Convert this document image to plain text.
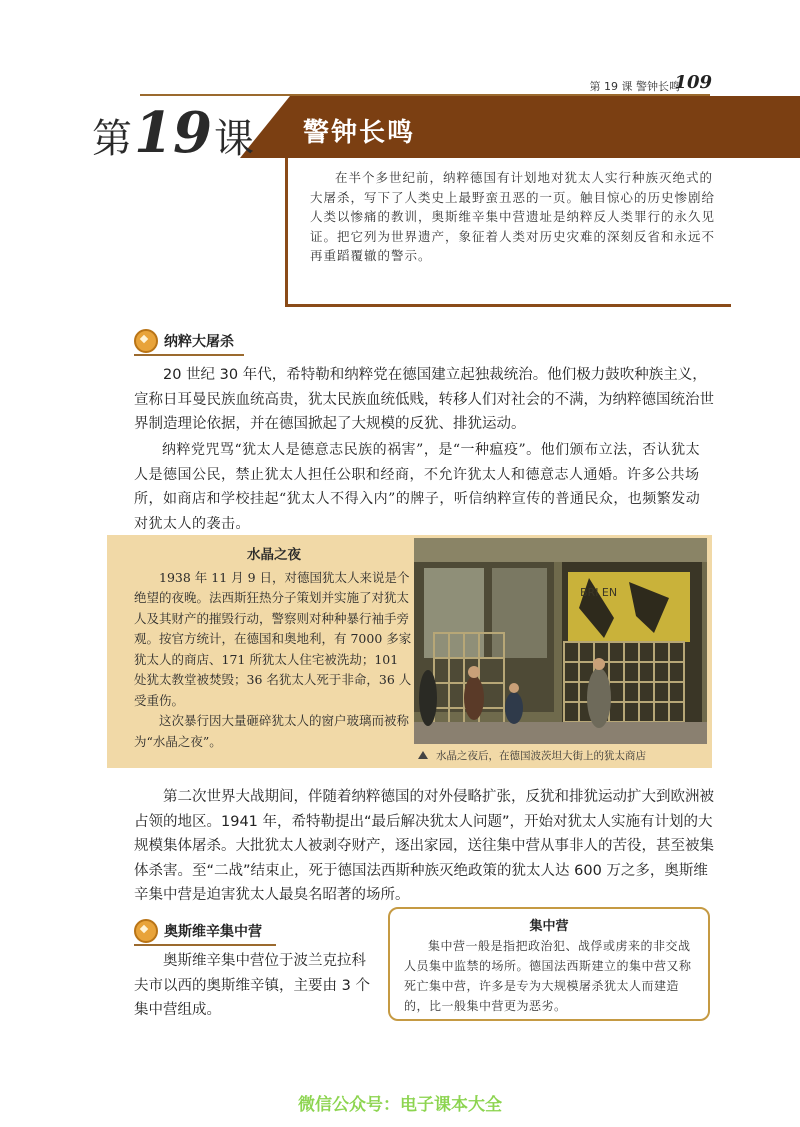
第 19 课 警钟长鸣
109
第19课 警钟长鸣

在半个多世纪前，纳粹德国有计划地对犹太人实行种族灭绝式的大屠杀，写下了人类史上最野蛮丑恶的一页。触目惊心的历史惨剧给人类以惨痛的教训，奥斯维辛集中营遗址是纳粹反人类罪行的永久见证。把它列为世界遗产，象征着人类对历史灾难的深刻反省和永远不再重蹈覆辙的警示。

纳粹大屠杀

20 世纪 30 年代，希特勒和纳粹党在德国建立起独裁统治。他们极力鼓吹种族主义，宣称日耳曼民族血统高贵，犹太民族血统低贱，转移人们对社会的不满，为纳粹德国统治世界制造理论依据，并在德国掀起了大规模的反犹、排犹运动。

纳粹党咒骂“犹太人是德意志民族的祸害”，是“一种瘟疫”。他们颁布立法，否认犹太人是德国公民，禁止犹太人担任公职和经商，不允许犹太人和德意志人通婚。许多公共场所，如商店和学校挂起“犹太人不得入内”的牌子，听信纳粹宣传的普通民众，也频繁发动对犹太人的袭击。

水晶之夜

1938 年 11 月 9 日，对德国犹太人来说是个绝望的夜晚。法西斯狂热分子策划并实施了对犹太人及其财产的摧毁行动，警察则对种种暴行袖手旁观。按官方统计，在德国和奥地利，有 7000 多家犹太人的商店、171 所犹太人住宅被洗劫；101 处犹太教堂被焚毁；36 名犹太人死于非命，36 人受重伤。

这次暴行因大量砸碎犹太人的窗户玻璃而被称为“水晶之夜”。

BRI EN
水晶之夜后，在德国波茨坦大街上的犹太商店

第二次世界大战期间，伴随着纳粹德国的对外侵略扩张，反犹和排犹运动扩大到欧洲被占领的地区。1941 年，希特勒提出“最后解决犹太人问题”，开始对犹太人实施有计划的大规模集体屠杀。大批犹太人被剥夺财产，逐出家园，送往集中营从事非人的苦役，甚至被集体杀害。至“二战”结束止，死于德国法西斯种族灭绝政策的犹太人达 600 万之多，奥斯维辛集中营是迫害犹太人最臭名昭著的场所。

奥斯维辛集中营

奥斯维辛集中营位于波兰克拉科夫市以西的奥斯维辛镇，主要由 3 个集中营组成。

集中营

集中营一般是指把政治犯、战俘或虏来的非交战人员集中监禁的场所。德国法西斯建立的集中营又称死亡集中营，许多是专为大规模屠杀犹太人而建造的，比一般集中营更为恶劣。

微信公众号：电子课本大全
